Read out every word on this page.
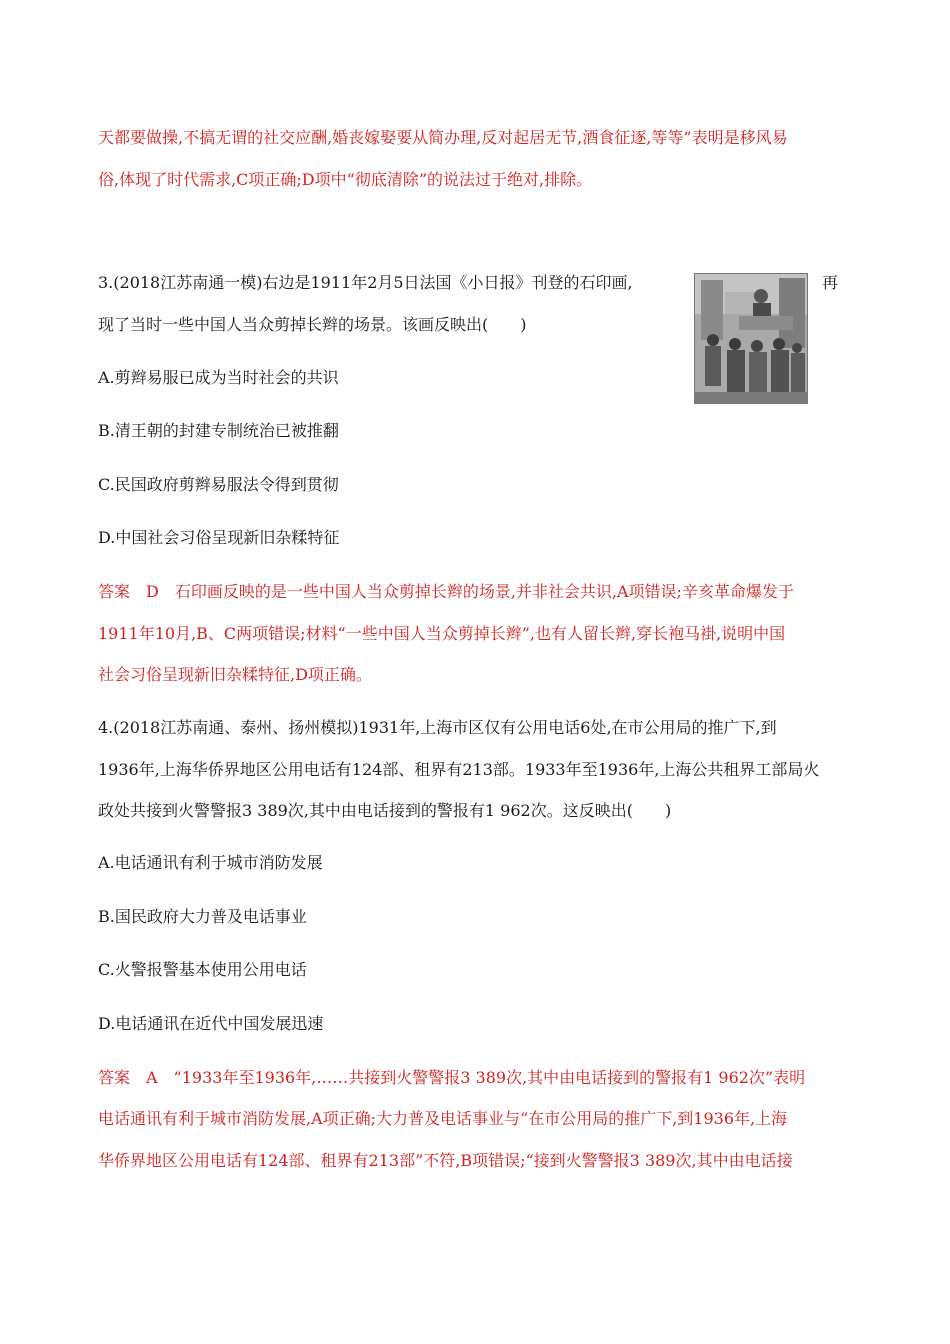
天都要做操,不搞无谓的社交应酬,婚丧嫁娶要从简办理,反对起居无节,酒食征逐,等等”表明是移风易
俗,体现了时代需求,C项正确;D项中“彻底清除”的说法过于绝对,排除。
3.(2018江苏南通一模)右边是1911年2月5日法国《小日报》刊登的石印画,	再
现了当时一些中国人当众剪掉长辫的场景。该画反映出(　　)
A.剪辫易服已成为当时社会的共识
B.清王朝的封建专制统治已被推翻
C.民国政府剪辫易服法令得到贯彻
D.中国社会习俗呈现新旧杂糅特征
答案　D　石印画反映的是一些中国人当众剪掉长辫的场景,并非社会共识,A项错误;辛亥革命爆发于
1911年10月,B、C两项错误;材料“一些中国人当众剪掉长辫”,也有人留长辫,穿长袍马褂,说明中国
社会习俗呈现新旧杂糅特征,D项正确。
4.(2018江苏南通、泰州、扬州模拟)1931年,上海市区仅有公用电话6处,在市公用局的推广下,到
1936年,上海华侨界地区公用电话有124部、租界有213部。1933年至1936年,上海公共租界工部局火
政处共接到火警警报3 389次,其中由电话接到的警报有1 962次。这反映出(　　)
A.电话通讯有利于城市消防发展
B.国民政府大力普及电话事业
C.火警报警基本使用公用电话
D.电话通讯在近代中国发展迅速
答案　A　“1933年至1936年,……共接到火警警报3 389次,其中由电话接到的警报有1 962次”表明
电话通讯有利于城市消防发展,A项正确;大力普及电话事业与“在市公用局的推广下,到1936年,上海
华侨界地区公用电话有124部、租界有213部”不符,B项错误;“接到火警警报3 389次,其中由电话接
